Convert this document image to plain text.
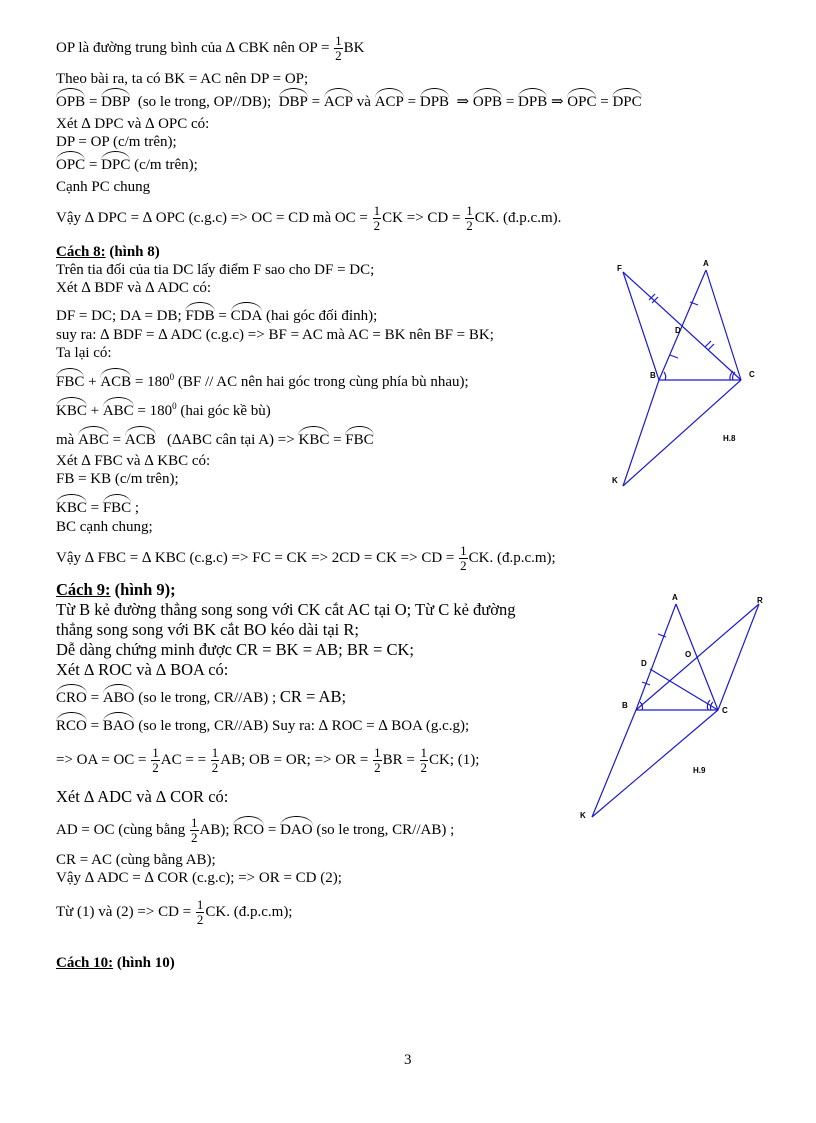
OP là đường trung bình của ∆ CBK nên OP = $\frac{1}{2}$ BK
Theo bài ra, ta có BK = AC nên DP = OP;
OPB = DBP (so le trong, OP//DB); DBP = ACP và ACP = DPB  ⇒ OPB = DPB ⇒ OPC = DPC
Xét ∆ DPC và ∆ OPC có:
DP = OP (c/m trên);
OPC = DPC (c/m trên);
Cạnh PC chung
Vậy ∆ DPC = ∆ OPC (c.g.c) => OC = CD mà OC = $\frac{1}{2}$ CK => CD = $\frac{1}{2}$ CK. (đ.p.c.m).
Cách 8: (hình 8)
Trên tia đối của tia DC lấy điểm F sao cho DF = DC;
Xét ∆ BDF và ∆ ADC có:
DF = DC; DA = DB; FDB = CDA (hai góc đối đỉnh);
suy ra: ∆ BDF = ∆ ADC (c.g.c) => BF = AC mà AC = BK nên BF = BK;
Ta lại có:
FBC + ACB = $180^0$ (BF // AC nên hai góc trong cùng phía bù nhau);
KBC + ABC = $180^0$ (hai góc kề bù)
mà ABC = ACB (∆ABC cân tại A) => KBC = FBC
Xét ∆ FBC và ∆ KBC có:
FB = KB (c/m trên);
KBC = FBC ;
BC cạnh chung;
Vậy ∆ FBC = ∆ KBC (c.g.c) => FC = CK => 2CD = CK => CD = $\frac{1}{2}$ CK. (đ.p.c.m);
Cách 9: (hình 9);
Từ B kẻ đường thẳng song song với CK cắt AC tại O; Từ C kẻ đường
thẳng song song với BK cắt BO kéo dài tại R;
Dễ dàng chứng minh được CR = BK = AB; BR = CK;
Xét ∆ ROC và ∆ BOA có:
CRO = ABO (so le trong, CR//AB) ; CR = AB;
RCO = BAO (so le trong, CR//AB) Suy ra: ∆ ROC = ∆ BOA (g.c.g);
=> OA = OC = $\frac{1}{2}$ AC = = $\frac{1}{2}$ AB; OB = OR; => OR = $\frac{1}{2}$ BR = $\frac{1}{2}$ CK; (1);
Xét ∆ ADC và ∆ COR có:
AD = OC (cùng bằng $\frac{1}{2} AB$); RCO = DAO (so le trong, CR//AB) ;
CR = AC (cùng bằng AB);
Vậy ∆ ADC = ∆ COR (c.g.c); => OR = CD (2);
Từ (1) và (2) => CD = $\frac{1}{2}$ CK. (đ.p.c.m);
Cách 10: (hình 10)
F
A
D
B	C
K
H.8
A	R
D
O
B
C
K
H.9
3
